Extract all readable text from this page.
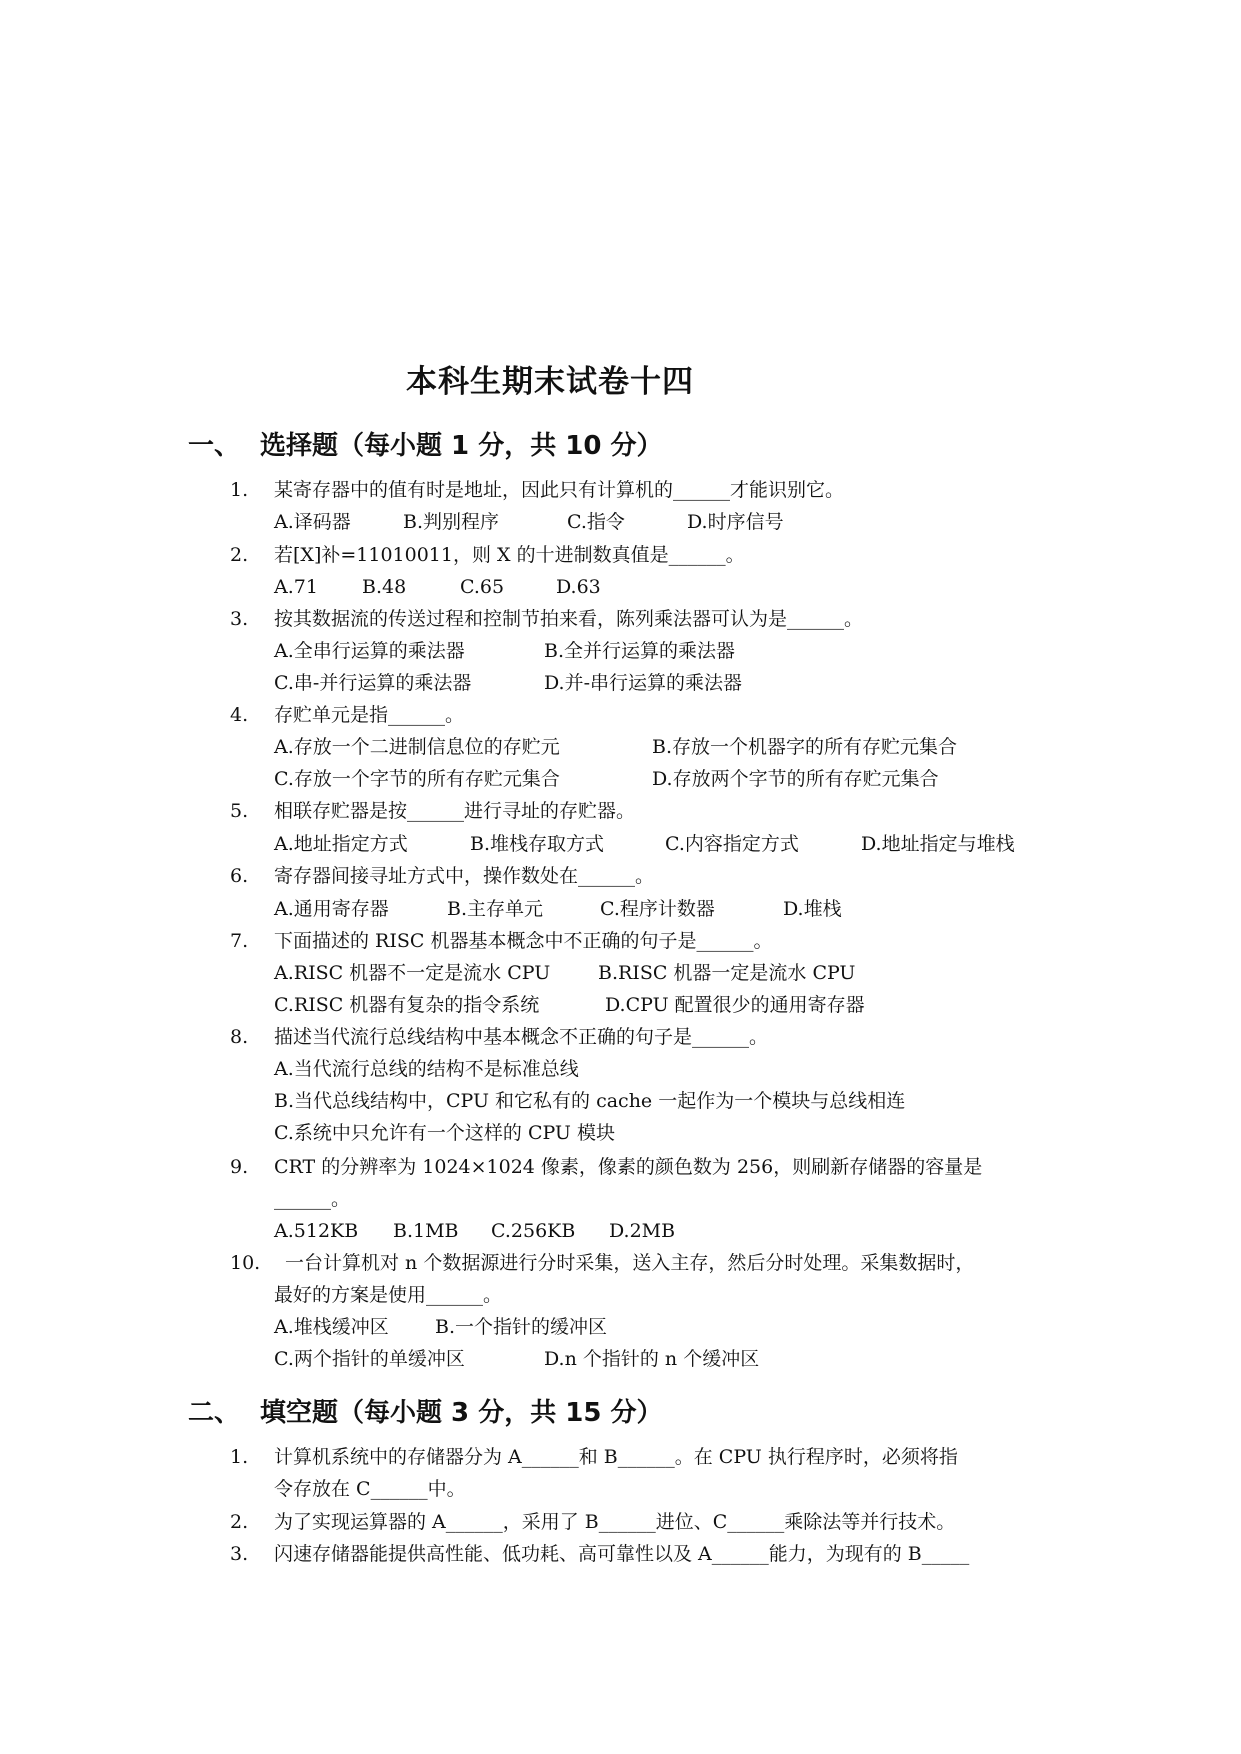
本科生期末试卷十四
一、 选择题（每小题 1 分，共 10 分）
1. 某寄存器中的值有时是地址，因此只有计算机的______才能识别它。
A.译码器	B.判别程序	C.指令	D.时序信号
2. 若[X]补=11010011，则 X 的十进制数真值是______。
A.71 B.48	C.65	D.63
3. 按其数据流的传送过程和控制节拍来看，陈列乘法器可认为是______。
A.全串行运算的乘法器	B.全并行运算的乘法器
C.串-并行运算的乘法器	D.并-串行运算的乘法器
4. 存贮单元是指______。
A.存放一个二进制信息位的存贮元	B.存放一个机器字的所有存贮元集合
C.存放一个字节的所有存贮元集合	D.存放两个字节的所有存贮元集合
5. 相联存贮器是按______进行寻址的存贮器。
A.地址指定方式	B.堆栈存取方式	C.内容指定方式	D.地址指定与堆栈
6. 寄存器间接寻址方式中，操作数处在______。
A.通用寄存器	B.主存单元	C.程序计数器	D.堆栈
7. 下面描述的 RISC 机器基本概念中不正确的句子是______。
A.RISC 机器不一定是流水 CPU	B.RISC 机器一定是流水 CPU
C.RISC 机器有复杂的指令系统	D.CPU 配置很少的通用寄存器
8. 描述当代流行总线结构中基本概念不正确的句子是______。
A.当代流行总线的结构不是标准总线
B.当代总线结构中，CPU 和它私有的 cache 一起作为一个模块与总线相连
C.系统中只允许有一个这样的 CPU 模块
9. CRT 的分辨率为 1024×1024 像素，像素的颜色数为 256，则刷新存储器的容量是
______。
A.512KB B.1MB C.256KB D.2MB
10. 一台计算机对 n 个数据源进行分时采集，送入主存，然后分时处理。采集数据时，
最好的方案是使用______。
A.堆栈缓冲区 B.一个指针的缓冲区
C.两个指针的单缓冲区	D.n 个指针的 n 个缓冲区
二、 填空题（每小题 3 分，共 15 分）
1. 计算机系统中的存储器分为 A______和 B______。在 CPU 执行程序时，必须将指
令存放在 C______中。
2. 为了实现运算器的 A______，采用了 B______进位、C______乘除法等并行技术。
3. 闪速存储器能提供高性能、低功耗、高可靠性以及 A______能力，为现有的 B_____
